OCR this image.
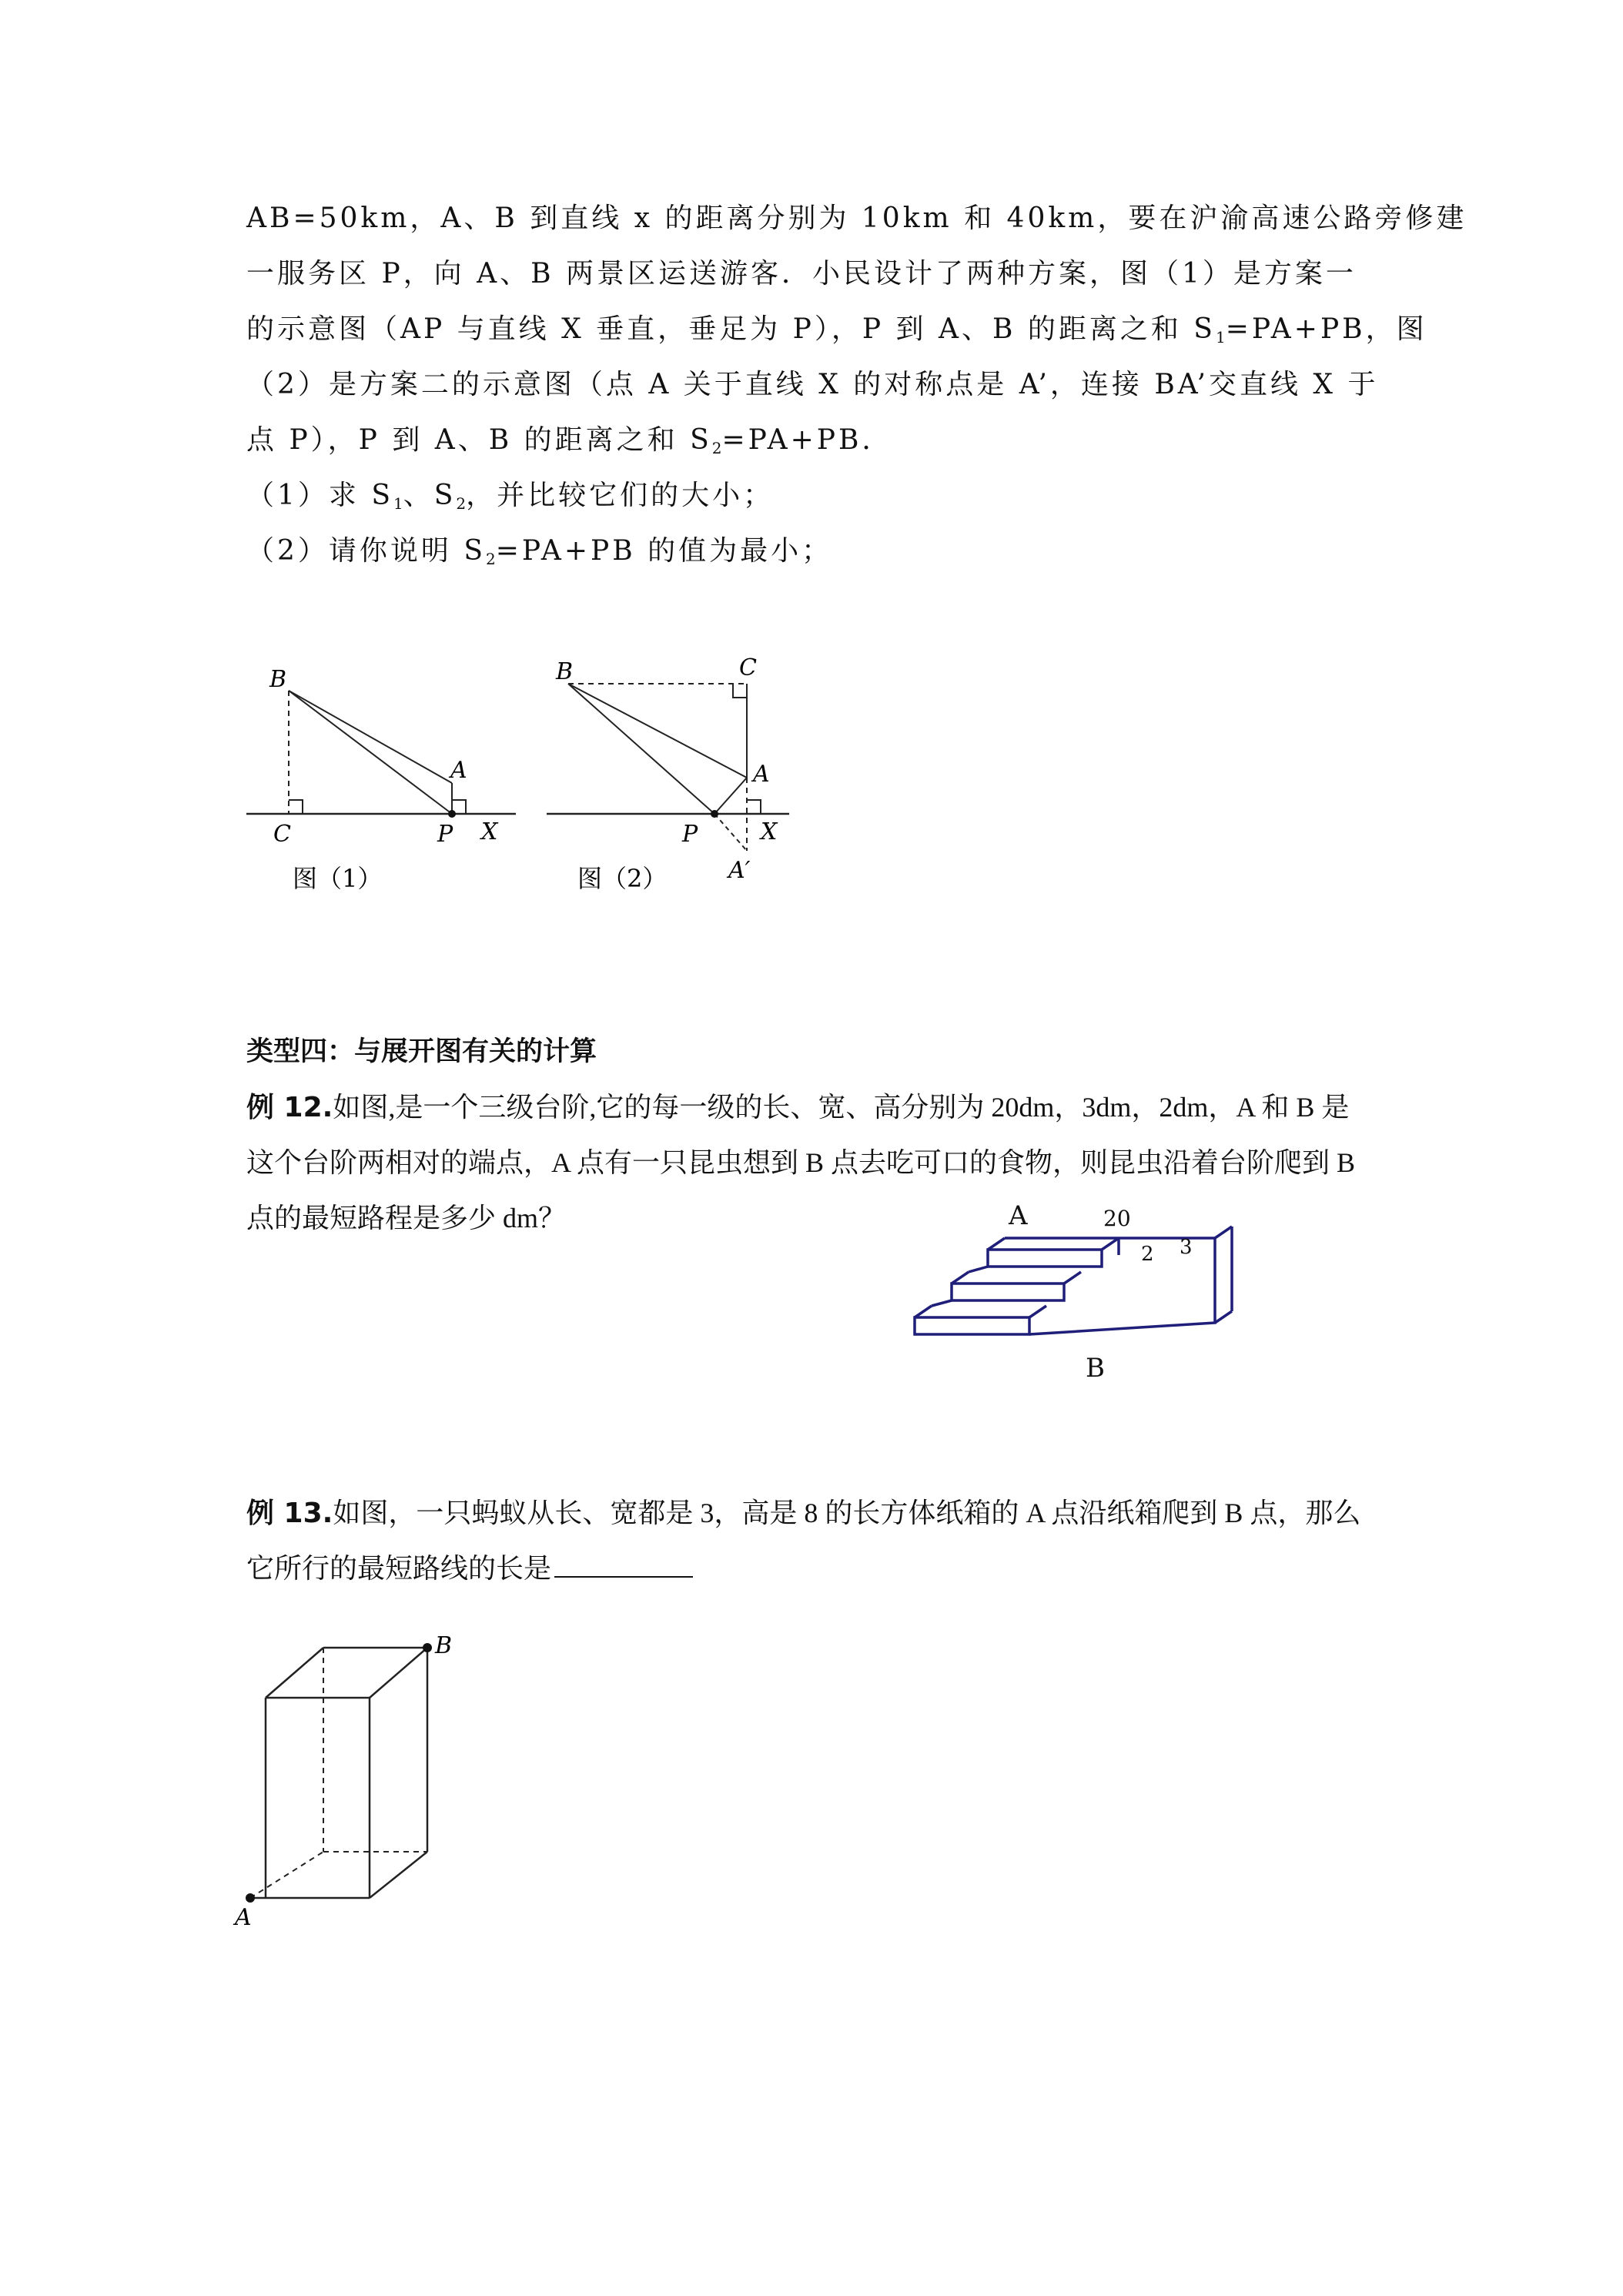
AB=50km，A、B 到直线 x 的距离分别为 10km 和 40km，要在沪渝高速公路旁修建
一服务区 P，向 A、B 两景区运送游客．小民设计了两种方案，图（1）是方案一
的示意图（AP 与直线 X 垂直，垂足为 P），P 到 A、B 的距离之和 $S_1=PA+PB$，图
（2）是方案二的示意图（点 A 关于直线 X 的对称点是 A’，连接 BA’交直线 X 于
点 P），P 到 A、B 的距离之和 $S_2=PA+PB$．
（1）求 $S_1$、$S_2$，并比较它们的大小；
（2）请你说明 $S_2=PA+PB$ 的值为最小；
B
A
C	P X
图（1）
B	C
A
P	X
A′
图（2）
类型四：与展开图有关的计算
例 12.如图,是一个三级台阶,它的每一级的长、宽、高分别为 20dm，3dm，2dm，A 和 B 是
这个台阶两相对的端点，A 点有一只昆虫想到 B 点去吃可口的食物，则昆虫沿着台阶爬到 B
点的最短路程是多少 dm？	A	20
2 3
B
例 13.如图，一只蚂蚁从长、宽都是 3，高是 8 的长方体纸箱的 A 点沿纸箱爬到 B 点，那么
它所行的最短路线的长是
A
B
